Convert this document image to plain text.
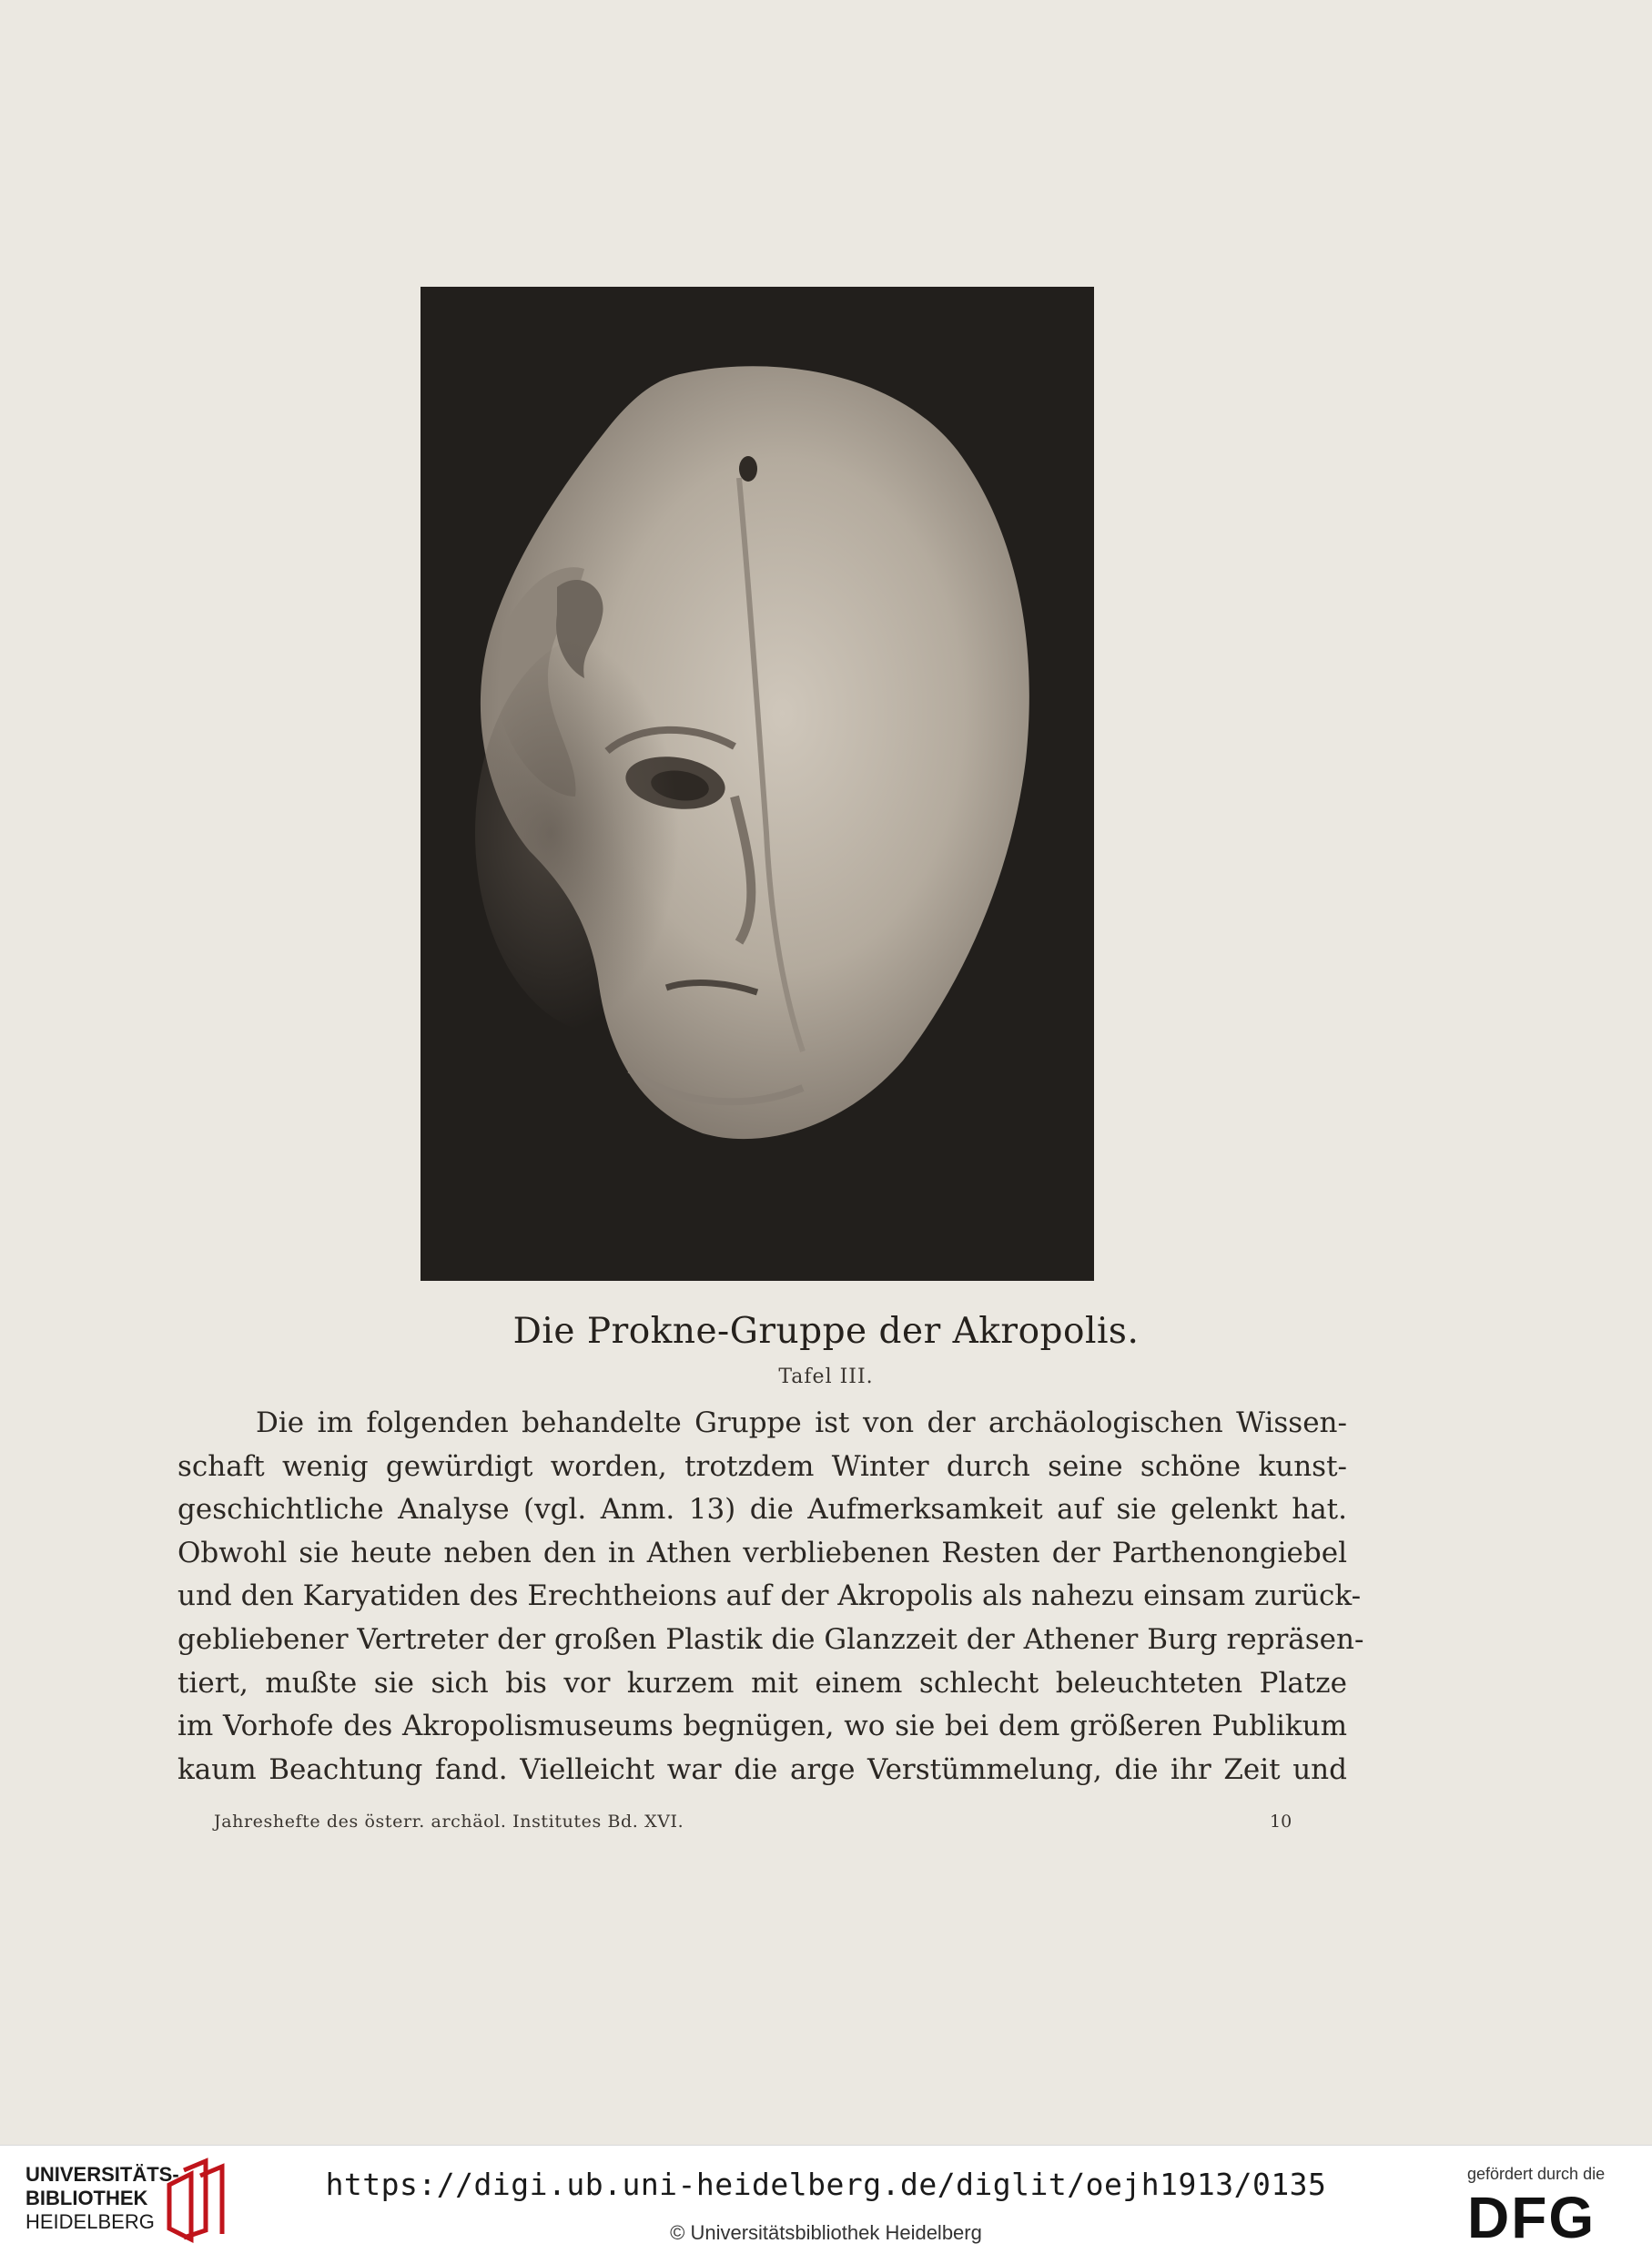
Die Prokne-Gruppe der Akropolis.
Tafel III.
Die im folgenden behandelte Gruppe ist von der archäologischen Wissen-
schaft wenig gewürdigt worden, trotzdem Winter durch seine schöne kunst-
geschichtliche Analyse (vgl. Anm. 13) die Aufmerksamkeit auf sie gelenkt hat.
Obwohl sie heute neben den in Athen verbliebenen Resten der Parthenongiebel
und den Karyatiden des Erechtheions auf der Akropolis als nahezu einsam zurück-
gebliebener Vertreter der großen Plastik die Glanzzeit der Athener Burg repräsen-
tiert, mußte sie sich bis vor kurzem mit einem schlecht beleuchteten Platze
im Vorhofe des Akropolismuseums begnügen, wo sie bei dem größeren Publikum
kaum Beachtung fand. Vielleicht war die arge Verstümmelung, die ihr Zeit und
Jahreshefte des österr. archäol. Institutes Bd. XVI.	10
UNIVERSITÄTS-
BIBLIOTHEK
HEIDELBERG
https://digi.ub.uni-heidelberg.de/diglit/oejh1913/0135
© Universitätsbibliothek Heidelberg
gefördert durch die
DFG
